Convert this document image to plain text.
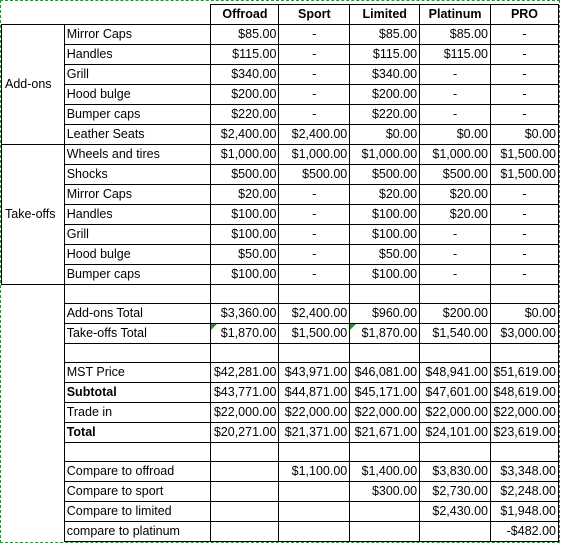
		Offroad	Sport	Limited	Platinum	PRO
Add-ons	Mirror Caps	$85.00	-	$85.00	$85.00	-
	Handles	$115.00	-	$115.00	$115.00	-
	Grill	$340.00	-	$340.00	-	-
	Hood bulge	$200.00	-	$200.00	-	-
	Bumper caps	$220.00	-	$220.00	-	-
	Leather Seats	$2,400.00	$2,400.00	$0.00	$0.00	$0.00
Take-offs	Wheels and tires	$1,000.00	$1,000.00	$1,000.00	$1,000.00	$1,500.00
	Shocks	$500.00	$500.00	$500.00	$500.00	$1,500.00
	Mirror Caps	$20.00	-	$20.00	$20.00	-
	Handles	$100.00	-	$100.00	$20.00	-
	Grill	$100.00	-	$100.00	-	-
	Hood bulge	$50.00	-	$50.00	-	-
	Bumper caps	$100.00	-	$100.00	-	-

	Add-ons Total	$3,360.00	$2,400.00	$960.00	$200.00	$0.00
	Take-offs Total	$1,870.00	$1,500.00	$1,870.00	$1,540.00	$3,000.00

	MST Price	$42,281.00	$43,971.00	$46,081.00	$48,941.00	$51,619.00
	Subtotal	$43,771.00	$44,871.00	$45,171.00	$47,601.00	$48,619.00
	Trade in	$22,000.00	$22,000.00	$22,000.00	$22,000.00	$22,000.00
	Total	$20,271.00	$21,371.00	$21,671.00	$24,101.00	$23,619.00

	Compare to offroad		$1,100.00	$1,400.00	$3,830.00	$3,348.00
	Compare to sport			$300.00	$2,730.00	$2,248.00
	Compare to limited				$2,430.00	$1,948.00
	compare to platinum					-$482.00
